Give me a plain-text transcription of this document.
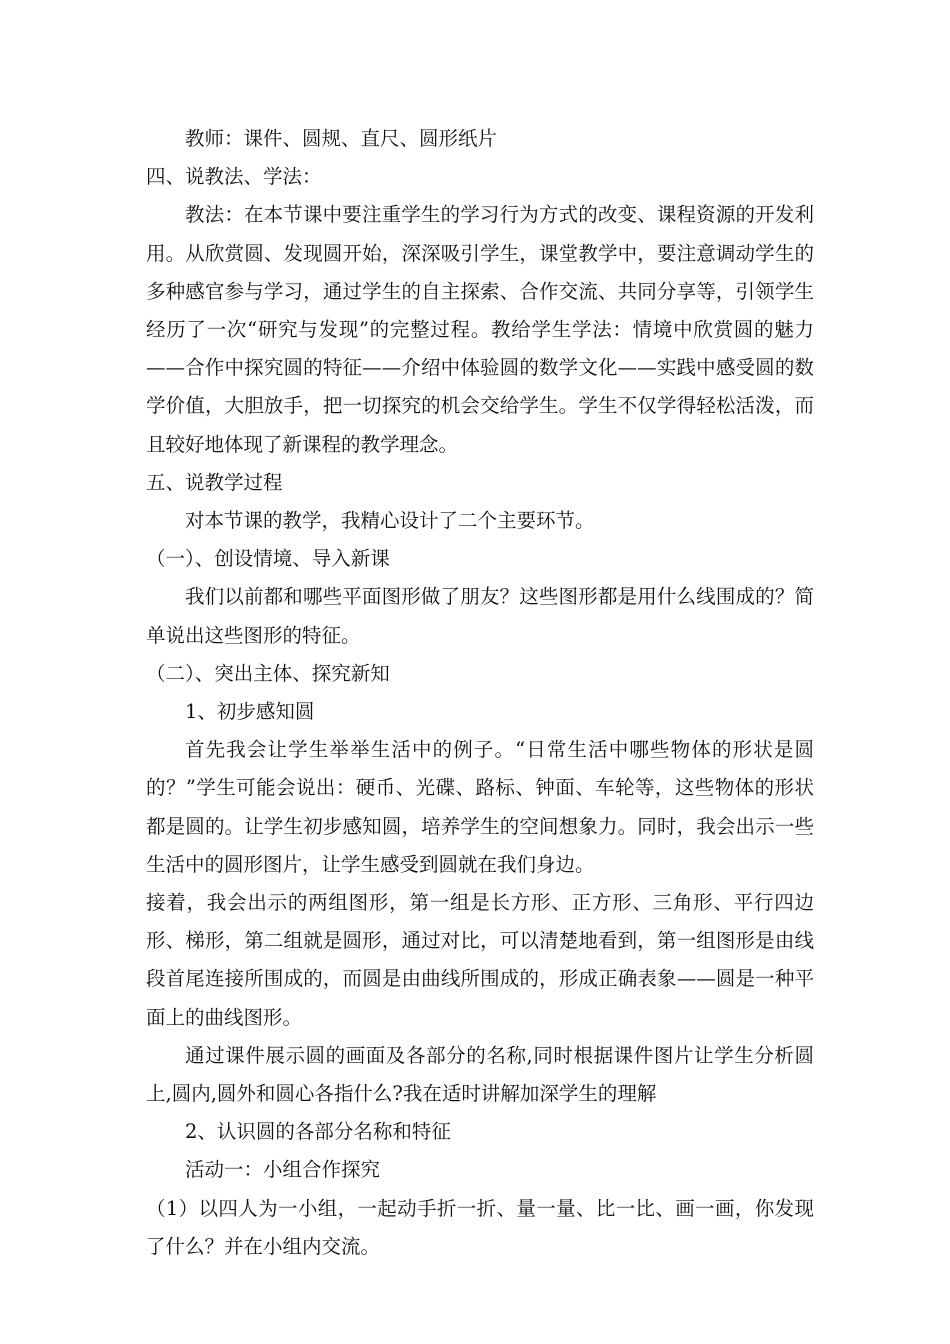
教师：课件、圆规、直尺、圆形纸片

四、说教法、学法：

教法：在本节课中要注重学生的学习行为方式的改变、课程资源的开发利用。从欣赏圆、发现圆开始，深深吸引学生，课堂教学中，要注意调动学生的多种感官参与学习，通过学生的自主探索、合作交流、共同分享等，引领学生经历了一次“研究与发现”的完整过程。教给学生学法：情境中欣赏圆的魅力——合作中探究圆的特征——介绍中体验圆的数学文化——实践中感受圆的数学价值，大胆放手，把一切探究的机会交给学生。学生不仅学得轻松活泼，而且较好地体现了新课程的教学理念。

五、说教学过程

对本节课的教学，我精心设计了二个主要环节。

（一）、创设情境、导入新课

我们以前都和哪些平面图形做了朋友？这些图形都是用什么线围成的？简单说出这些图形的特征。

（二）、突出主体、探究新知

1、初步感知圆

首先我会让学生举举生活中的例子。“日常生活中哪些物体的形状是圆的？”学生可能会说出：硬币、光碟、路标、钟面、车轮等，这些物体的形状都是圆的。让学生初步感知圆，培养学生的空间想象力。同时，我会出示一些生活中的圆形图片，让学生感受到圆就在我们身边。

接着，我会出示的两组图形，第一组是长方形、正方形、三角形、平行四边形、梯形，第二组就是圆形，通过对比，可以清楚地看到，第一组图形是由线段首尾连接所围成的，而圆是由曲线所围成的，形成正确表象——圆是一种平面上的曲线图形。

通过课件展示圆的画面及各部分的名称,同时根据课件图片让学生分析圆上,圆内,圆外和圆心各指什么?我在适时讲解加深学生的理解

2、认识圆的各部分名称和特征

活动一：小组合作探究

（1）以四人为一小组，一起动手折一折、量一量、比一比、画一画，你发现了什么？并在小组内交流。
